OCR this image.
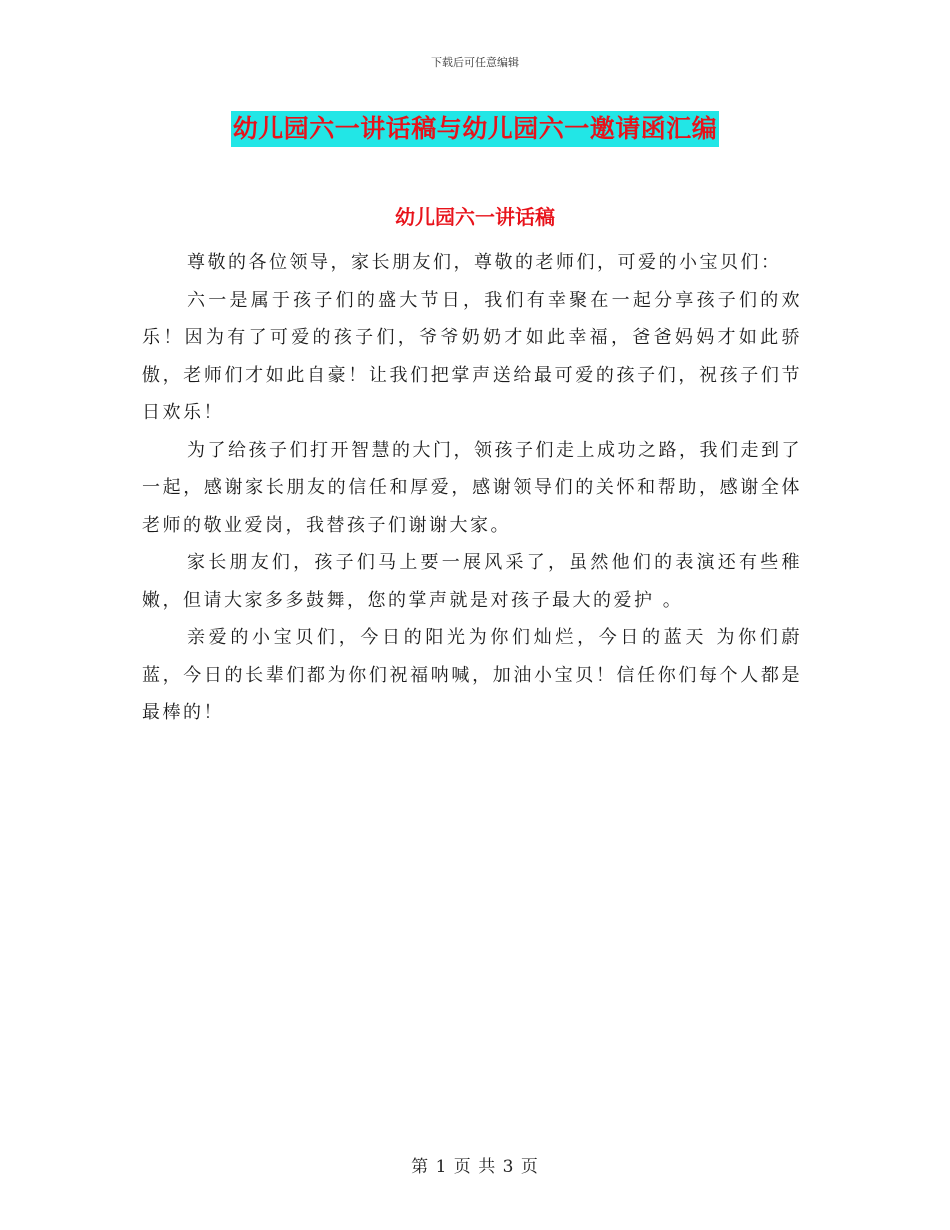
下载后可任意编辑
幼儿园六一讲话稿与幼儿园六一邀请函汇编
幼儿园六一讲话稿

尊敬的各位领导，家长朋友们，尊敬的老师们，可爱的小宝贝们：

六一是属于孩子们的盛大节日，我们有幸聚在一起分享孩子们的欢乐！因为有了可爱的孩子们，爷爷奶奶才如此幸福，爸爸妈妈才如此骄傲，老师们才如此自豪！让我们把掌声送给最可爱的孩子们，祝孩子们节日欢乐！

为了给孩子们打开智慧的大门，领孩子们走上成功之路，我们走到了一起，感谢家长朋友的信任和厚爱，感谢领导们的关怀和帮助，感谢全体老师的敬业爱岗，我替孩子们谢谢大家。

家长朋友们，孩子们马上要一展风采了，虽然他们的表演还有些稚嫩，但请大家多多鼓舞，您的掌声就是对孩子最大的爱护 。

亲爱的小宝贝们，今日的阳光为你们灿烂，今日的蓝天 为你们蔚蓝，今日的长辈们都为你们祝福呐喊，加油小宝贝！信任你们每个人都是最棒的！

第 1 页 共 3 页
